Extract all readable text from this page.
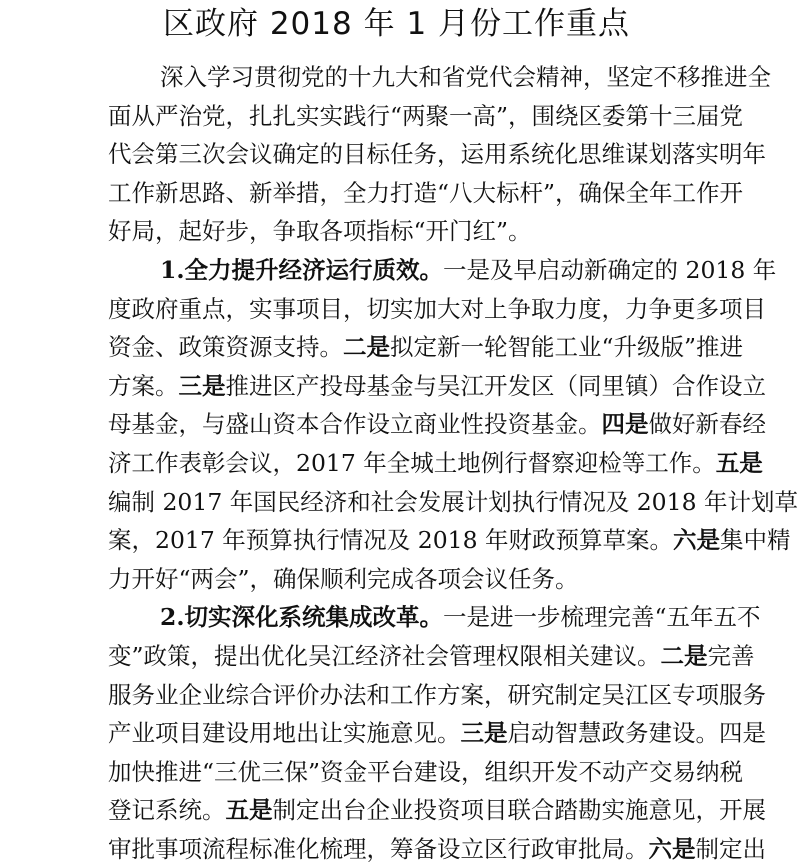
区政府 2018 年 1 月份工作重点
深入学习贯彻党的十九大和省党代会精神，坚定不移推进全
面从严治党，扎扎实实践行“两聚一高”，围绕区委第十三届党
代会第三次会议确定的目标任务，运用系统化思维谋划落实明年
工作新思路、新举措，全力打造“八大标杆”，确保全年工作开
好局，起好步，争取各项指标“开门红”。
1.全力提升经济运行质效。一是及早启动新确定的 2018 年
度政府重点，实事项目，切实加大对上争取力度，力争更多项目
资金、政策资源支持。二是拟定新一轮智能工业“升级版”推进
方案。三是推进区产投母基金与吴江开发区（同里镇）合作设立
母基金，与盛山资本合作设立商业性投资基金。四是做好新春经
济工作表彰会议，2017 年全城土地例行督察迎检等工作。五是
编制 2017 年国民经济和社会发展计划执行情况及 2018 年计划草
案，2017 年预算执行情况及 2018 年财政预算草案。六是集中精
力开好“两会”，确保顺利完成各项会议任务。
2.切实深化系统集成改革。一是进一步梳理完善“五年五不
变”政策，提出优化吴江经济社会管理权限相关建议。二是完善
服务业企业综合评价办法和工作方案，研究制定吴江区专项服务
产业项目建设用地出让实施意见。三是启动智慧政务建设。四是
加快推进“三优三保”资金平台建设，组织开发不动产交易纳税
登记系统。五是制定出台企业投资项目联合踏勘实施意见，开展
审批事项流程标准化梳理，筹备设立区行政审批局。六是制定出
